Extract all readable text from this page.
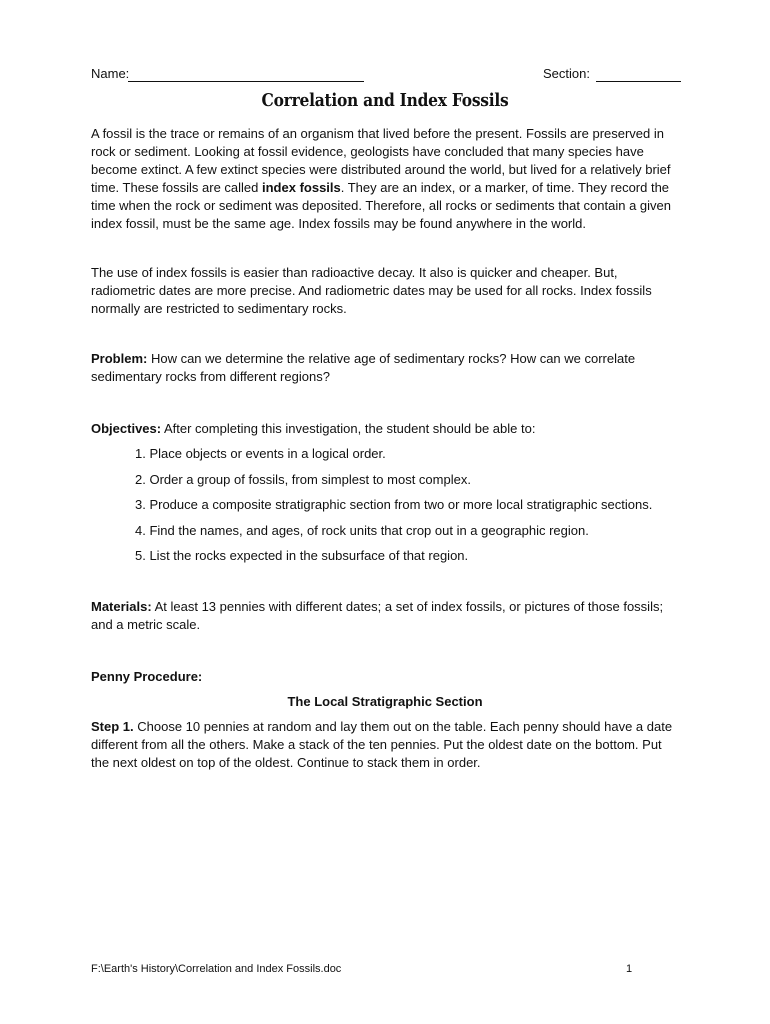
Name:	Section:
Correlation and Index Fossils
A fossil is the trace or remains of an organism that lived before the present. Fossils are preserved in rock or sediment. Looking at fossil evidence, geologists have concluded that many species have become extinct. A few extinct species were distributed around the world, but lived for a relatively brief time. These fossils are called index fossils. They are an index, or a marker, of time. They record the time when the rock or sediment was deposited. Therefore, all rocks or sediments that contain a given index fossil, must be the same age. Index fossils may be found anywhere in the world.
The use of index fossils is easier than radioactive decay. It also is quicker and cheaper. But, radiometric dates are more precise. And radiometric dates may be used for all rocks. Index fossils normally are restricted to sedimentary rocks.
Problem: How can we determine the relative age of sedimentary rocks? How can we correlate sedimentary rocks from different regions?
Objectives: After completing this investigation, the student should be able to:
1. Place objects or events in a logical order.
2. Order a group of fossils, from simplest to most complex.
3. Produce a composite stratigraphic section from two or more local stratigraphic sections.
4. Find the names, and ages, of rock units that crop out in a geographic region.
5. List the rocks expected in the subsurface of that region.
Materials: At least 13 pennies with different dates; a set of index fossils, or pictures of those fossils; and a metric scale.
Penny Procedure:
The Local Stratigraphic Section
Step 1. Choose 10 pennies at random and lay them out on the table. Each penny should have a date different from all the others. Make a stack of the ten pennies. Put the oldest date on the bottom. Put the next oldest on top of the oldest. Continue to stack them in order.
F:\Earth's History\Correlation and Index Fossils.doc	1
